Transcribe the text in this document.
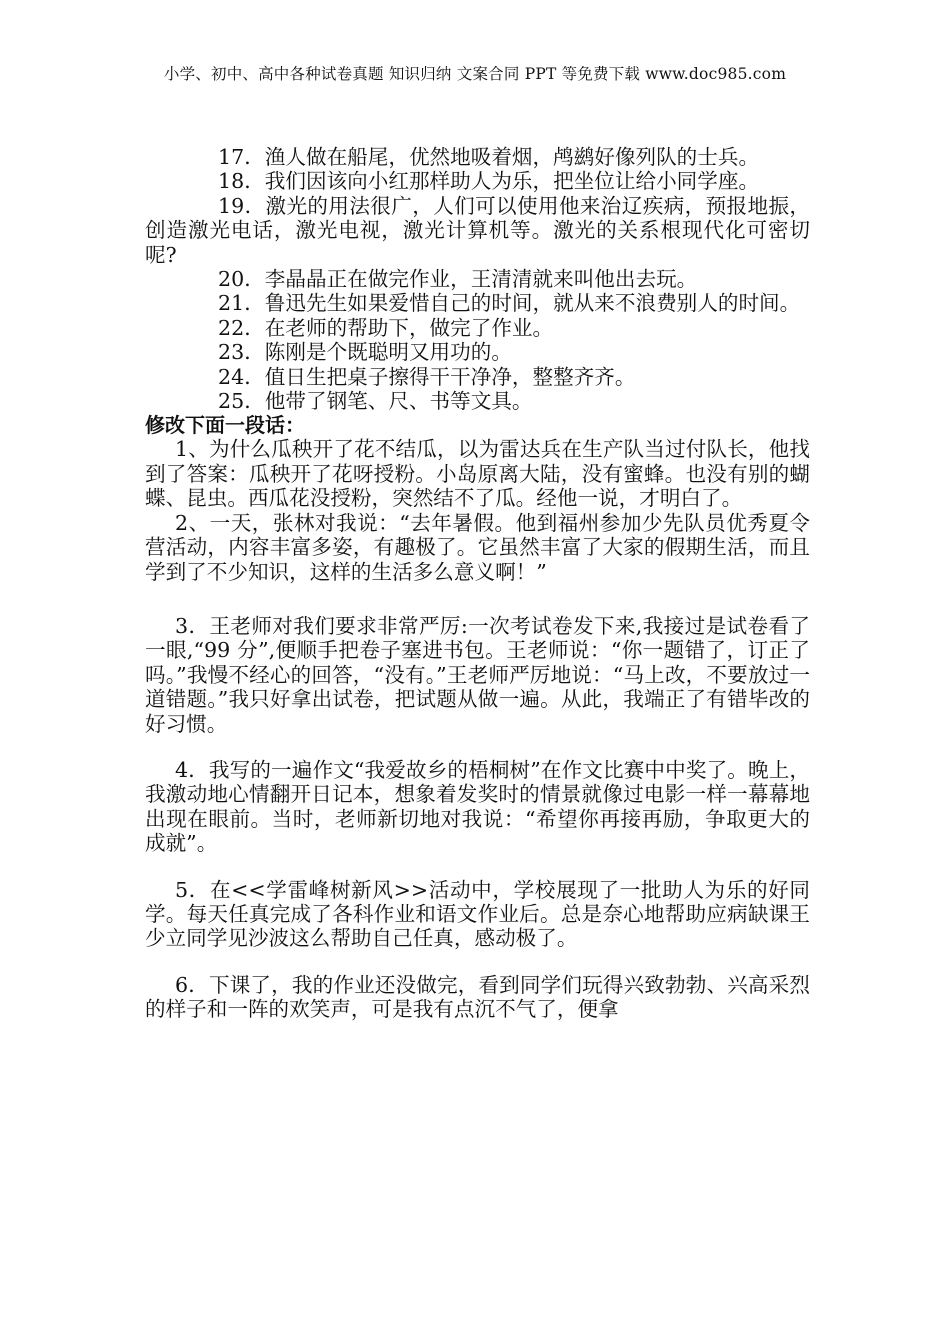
小学、初中、高中各种试卷真题 知识归纳 文案合同 PPT 等免费下载 www.doc985.com

17．渔人做在船尾，优然地吸着烟，鸬鹚好像列队的士兵。

18．我们因该向小红那样助人为乐，把坐位让给小同学座。

19．激光的用法很广，人们可以使用他来治辽疾病，预报地振，创造激光电话，激光电视，激光计算机等。激光的关系根现代化可密切呢?

20．李晶晶正在做完作业，王清清就来叫他出去玩。

21．鲁迅先生如果爱惜自己的时间，就从来不浪费别人的时间。

22．在老师的帮助下，做完了作业。

23．陈刚是个既聪明又用功的。

24．值日生把桌子擦得干干净净，整整齐齐。

25．他带了钢笔、尺、书等文具。

修改下面一段话：

1、为什么瓜秧开了花不结瓜，以为雷达兵在生产队当过付队长，他找到了答案：瓜秧开了花呀授粉。小岛原离大陆，没有蜜蜂。也没有别的蝴蝶、昆虫。西瓜花没授粉，突然结不了瓜。经他一说，才明白了。

2、一天，张林对我说：“去年暑假。他到福州参加少先队员优秀夏令营活动，内容丰富多姿，有趣极了。它虽然丰富了大家的假期生活，而且学到了不少知识，这样的生活多么意义啊！”

3．王老师对我们要求非常严厉:一次考试卷发下来,我接过是试卷看了一眼,“99 分”,便顺手把卷子塞进书包。王老师说：“你一题错了，订正了吗。”我慢不经心的回答，“没有。”王老师严厉地说：“马上改，不要放过一道错题。”我只好拿出试卷，把试题从做一遍。从此，我端正了有错毕改的好习惯。

4．我写的一遍作文“我爱故乡的梧桐树”在作文比赛中中奖了。晚上，我激动地心情翻开日记本，想象着发奖时的情景就像过电影一样一幕幕地出现在眼前。当时，老师新切地对我说：“希望你再接再励，争取更大的成就”。

5．在<<学雷峰树新风>>活动中，学校展现了一批助人为乐的好同学。每天任真完成了各科作业和语文作业后。总是奈心地帮助应病缺课王少立同学见沙波这么帮助自己任真，感动极了。

6．下课了，我的作业还没做完，看到同学们玩得兴致勃勃、兴高采烈的样子和一阵的欢笑声，可是我有点沉不气了，便拿
